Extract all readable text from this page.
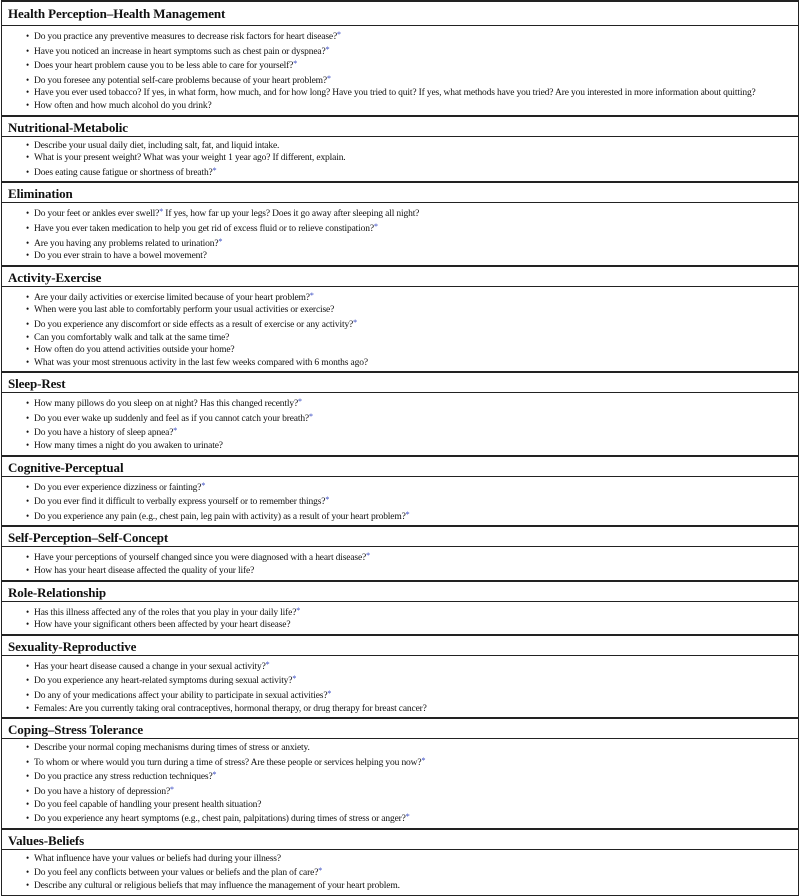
Health Perception–Health Management
• Do you practice any preventive measures to decrease risk factors for heart disease?*
• Have you noticed an increase in heart symptoms such as chest pain or dyspnea?*
• Does your heart problem cause you to be less able to care for yourself?*
• Do you foresee any potential self-care problems because of your heart problem?*
• Have you ever used tobacco? If yes, in what form, how much, and for how long? Have you tried to quit? If yes, what methods have you tried? Are you interested in more information about quitting?
• How often and how much alcohol do you drink?
Nutritional-Metabolic
• Describe your usual daily diet, including salt, fat, and liquid intake.
• What is your present weight? What was your weight 1 year ago? If different, explain.
• Does eating cause fatigue or shortness of breath?*
Elimination
• Do your feet or ankles ever swell?* If yes, how far up your legs? Does it go away after sleeping all night?
• Have you ever taken medication to help you get rid of excess fluid or to relieve constipation?*
• Are you having any problems related to urination?*
• Do you ever strain to have a bowel movement?
Activity-Exercise
• Are your daily activities or exercise limited because of your heart problem?*
• When were you last able to comfortably perform your usual activities or exercise?
• Do you experience any discomfort or side effects as a result of exercise or any activity?*
• Can you comfortably walk and talk at the same time?
• How often do you attend activities outside your home?
• What was your most strenuous activity in the last few weeks compared with 6 months ago?
Sleep-Rest
• How many pillows do you sleep on at night? Has this changed recently?*
• Do you ever wake up suddenly and feel as if you cannot catch your breath?*
• Do you have a history of sleep apnea?*
• How many times a night do you awaken to urinate?
Cognitive-Perceptual
• Do you ever experience dizziness or fainting?*
• Do you ever find it difficult to verbally express yourself or to remember things?*
• Do you experience any pain (e.g., chest pain, leg pain with activity) as a result of your heart problem?*
Self-Perception–Self-Concept
• Have your perceptions of yourself changed since you were diagnosed with a heart disease?*
• How has your heart disease affected the quality of your life?
Role-Relationship
• Has this illness affected any of the roles that you play in your daily life?*
• How have your significant others been affected by your heart disease?
Sexuality-Reproductive
• Has your heart disease caused a change in your sexual activity?*
• Do you experience any heart-related symptoms during sexual activity?*
• Do any of your medications affect your ability to participate in sexual activities?*
• Females: Are you currently taking oral contraceptives, hormonal therapy, or drug therapy for breast cancer?
Coping–Stress Tolerance
• Describe your normal coping mechanisms during times of stress or anxiety.
• To whom or where would you turn during a time of stress? Are these people or services helping you now?*
• Do you practice any stress reduction techniques?*
• Do you have a history of depression?*
• Do you feel capable of handling your present health situation?
• Do you experience any heart symptoms (e.g., chest pain, palpitations) during times of stress or anger?*
Values-Beliefs
• What influence have your values or beliefs had during your illness?
• Do you feel any conflicts between your values or beliefs and the plan of care?*
• Describe any cultural or religious beliefs that may influence the management of your heart problem.
